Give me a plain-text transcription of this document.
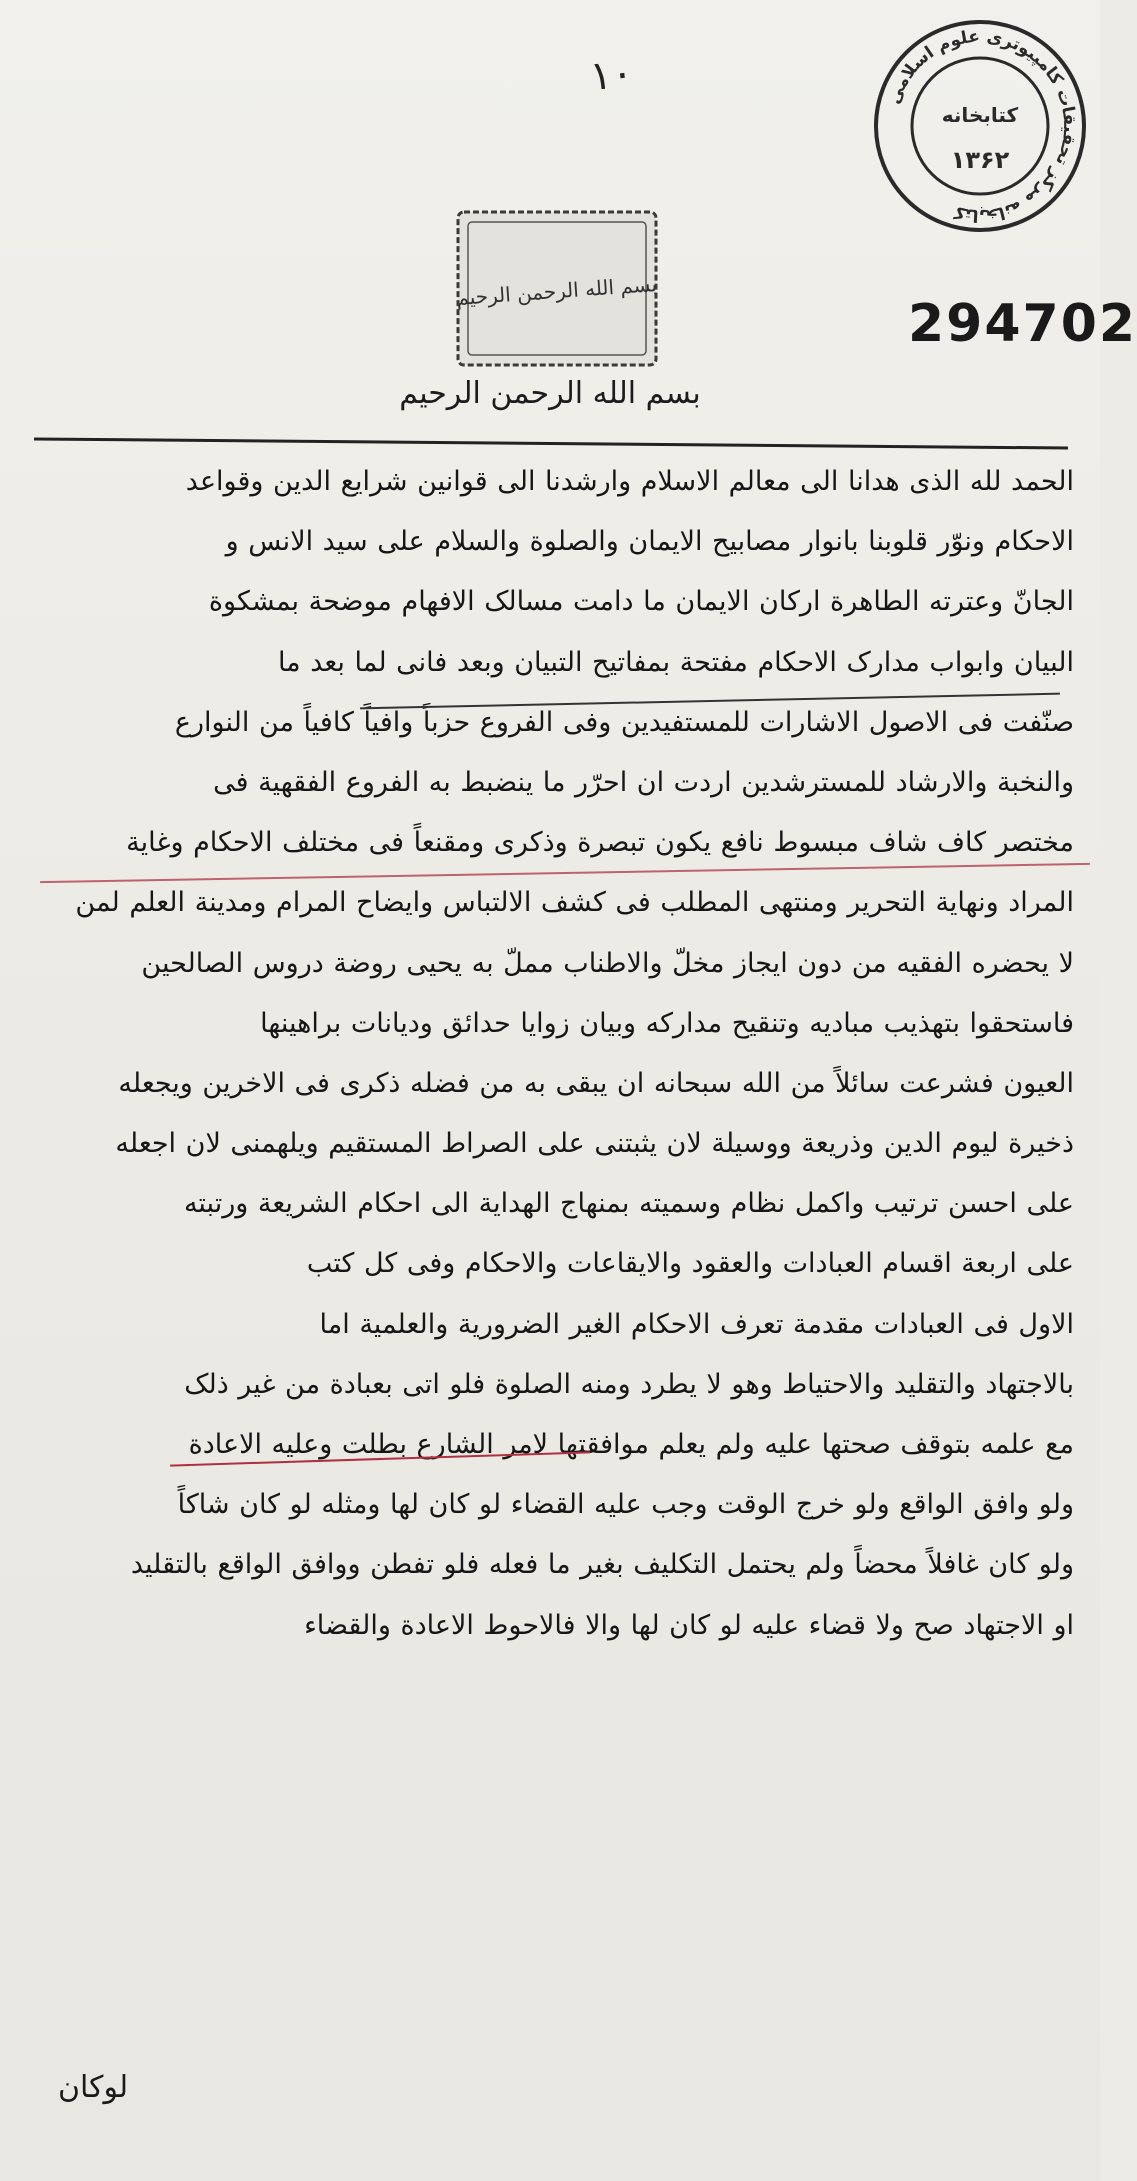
١٠	کتابخانه مرکز تحقیقات کامپیوتری علوم اسلامی
کتابخانه
۱۳۶۲
294702
بسم الله الرحمن الرحیم
بسم الله الرحمن الرحیم
الحمد لله الذی هدانا الی معالم الاسلام وارشدنا الی قوانین شرایع الدین وقواعد
الاحکام ونوّر قلوبنا بانوار مصابیح الایمان والصلوة والسلام علی سید الانس و
الجانّ وعترته الطاهرة ارکان الایمان ما دامت مسالک الافهام موضحة بمشکوة
البیان وابواب مدارک الاحکام مفتحة بمفاتیح التبیان وبعد فانی لما بعد ما
صنّفت فی الاصول الاشارات للمستفیدین وفی الفروع حزباً وافیاً کافیاً من النوارع
والنخبة والارشاد للمسترشدین اردت ان احرّر ما ینضبط به الفروع الفقهیة فی
مختصر کاف شاف مبسوط نافع یکون تبصرة وذکری ومقنعاً فی مختلف الاحکام وغایة
المراد ونهایة التحریر ومنتهی المطلب فی کشف الالتباس وایضاح المرام ومدینة العلم لمن
لا یحضره الفقیه من دون ایجاز مخلّ والاطناب مملّ به یحیی روضة دروس الصالحین
فاستحقوا بتهذیب مبادیه وتنقیح مدارکه وبیان زوایا حدائق ودیانات براهینها
العیون فشرعت سائلاً من الله سبحانه ان یبقی به من فضله ذکری فی الاخرین ویجعله
ذخیرة لیوم الدین وذریعة ووسیلة لان یثبتنی علی الصراط المستقیم ویلهمنی لان اجعله
علی احسن ترتیب واکمل نظام وسمیته بمنهاج الهدایة الی احکام الشریعة ورتبته
علی اربعة اقسام العبادات والعقود والایقاعات والاحکام وفی کل کتب
الاول فی العبادات مقدمة تعرف الاحکام الغیر الضروریة والعلمیة اما
بالاجتهاد والتقلید والاحتیاط وهو لا یطرد ومنه الصلوة فلو اتی بعبادة من غیر ذلک
مع علمه بتوقف صحتها علیه ولم یعلم موافقتها لامر الشارع بطلت وعلیه الاعادة
ولو وافق الواقع ولو خرج الوقت وجب علیه القضاء لو کان لها ومثله لو کان شاکاً
ولو کان غافلاً محضاً ولم یحتمل التکلیف بغیر ما فعله فلو تفطن ووافق الواقع بالتقلید
او الاجتهاد صح ولا قضاء علیه لو کان لها والا فالاحوط الاعادة والقضاء
لوکان
